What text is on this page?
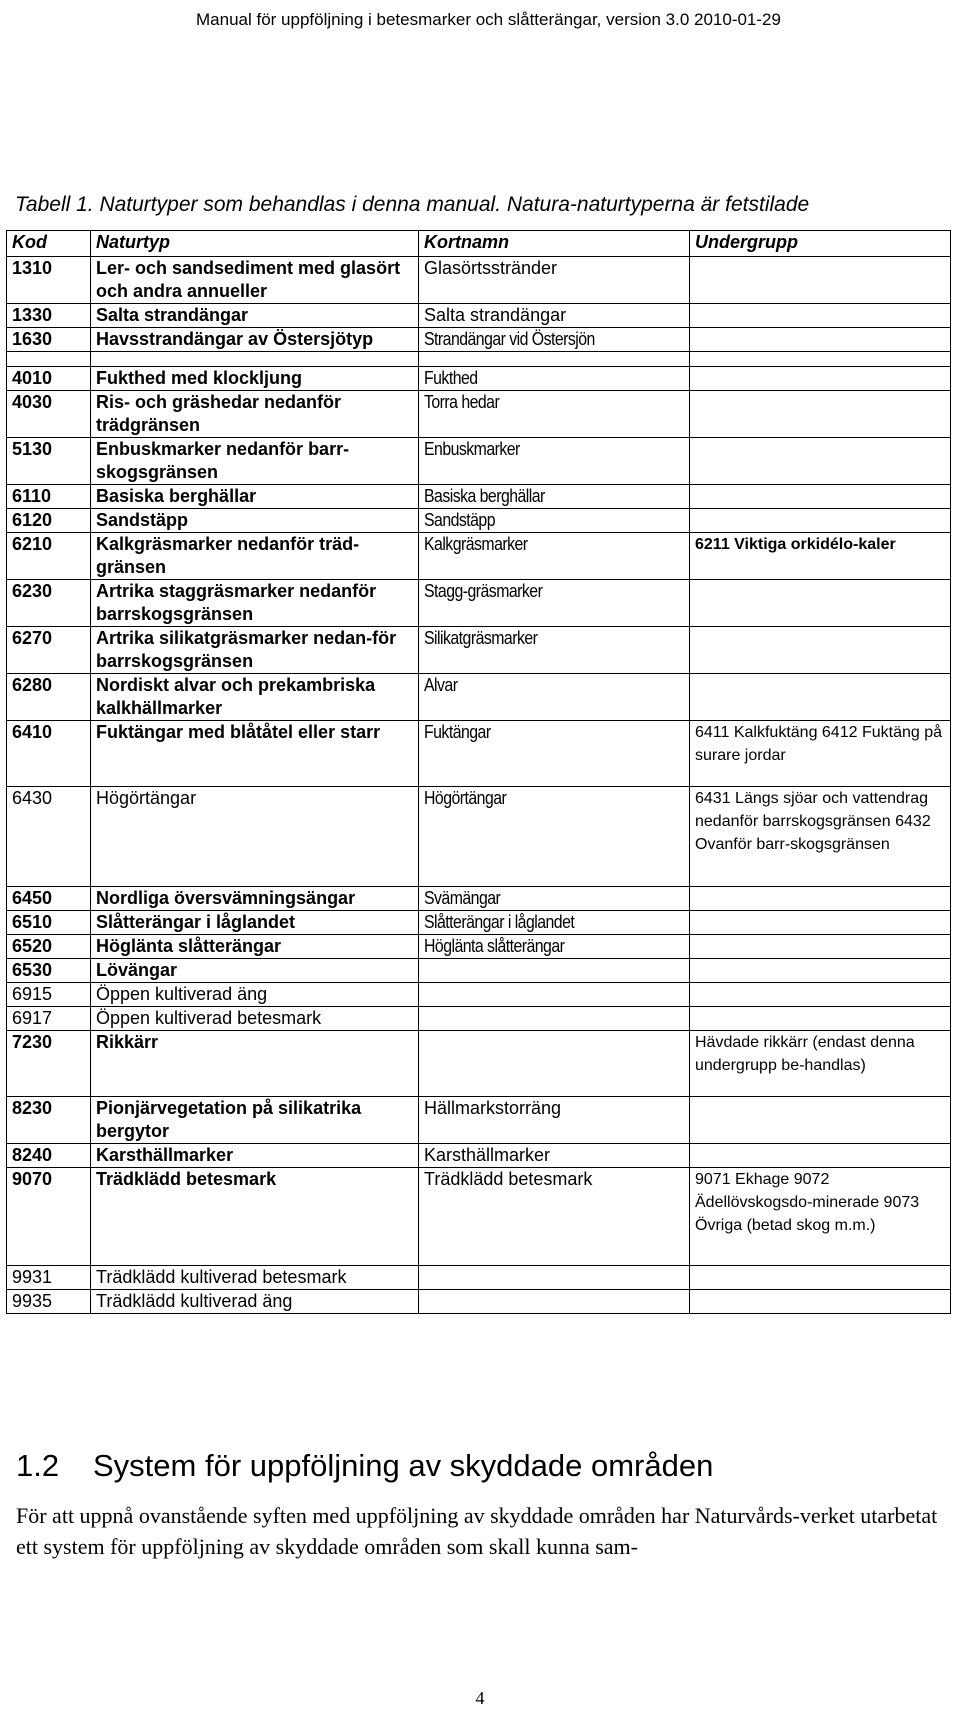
Manual för uppföljning i betesmarker och slåtterängar, version 3.0 2010-01-29
Tabell 1. Naturtyper som behandlas i denna manual. Natura-naturtyperna är fetstilade
Kod	Naturtyp	Kortnamn	Undergrupp
1310	Ler- och sandsediment med glasört och andra annueller	Glasörtsstränder	
1330	Salta strandängar	Salta strandängar	
1630	Havsstrandängar av Östersjötyp	Strandängar vid Östersjön	

4010	Fukthed med klockljung	Fukthed	
4030	Ris- och gräshedar nedanför trädgränsen	Torra hedar	
5130	Enbuskmarker nedanför barr-skogsgränsen	Enbuskmarker	
6110	Basiska berghällar	Basiska berghällar	
6120	Sandstäpp	Sandstäpp	
6210	Kalkgräsmarker nedanför träd-gränsen	Kalkgräsmarker	6211 Viktiga orkidélo-kaler
6230	Artrika staggräsmarker nedanför barrskogsgränsen	Stagg-gräsmarker	
6270	Artrika silikatgräsmarker nedan-för barrskogsgränsen	Silikatgräsmarker	
6280	Nordiskt alvar och prekambriska kalkhällmarker	Alvar	
6410	Fuktängar med blåtåtel eller starr	Fuktängar	6411 Kalkfuktäng 6412 Fuktäng på surare jordar
6430	Högörtängar	Högörtängar	6431 Längs sjöar och vattendrag nedanför barrskogsgränsen 6432 Ovanför barr-skogsgränsen
6450	Nordliga översvämningsängar	Svämängar	
6510	Slåtterängar i låglandet	Slåtterängar i låglandet	
6520	Höglänta slåtterängar	Höglänta slåtterängar	
6530	Lövängar		
6915	Öppen kultiverad äng		
6917	Öppen kultiverad betesmark		
7230	Rikkärr		Hävdade rikkärr (endast denna undergrupp be-handlas)
8230	Pionjärvegetation på silikatrika bergytor	Hällmarkstorräng	
8240	Karsthällmarker	Karsthällmarker	
9070	Trädklädd betesmark	Trädklädd betesmark	9071 Ekhage 9072 Ädellövskogsdo-minerade 9073 Övriga (betad skog m.m.)
9931	Trädklädd kultiverad betesmark		
9935	Trädklädd kultiverad äng		
1.2 System för uppföljning av skyddade områden
För att uppnå ovanstående syften med uppföljning av skyddade områden har Naturvårds-verket utarbetat ett system för uppföljning av skyddade områden som skall kunna sam-
4
